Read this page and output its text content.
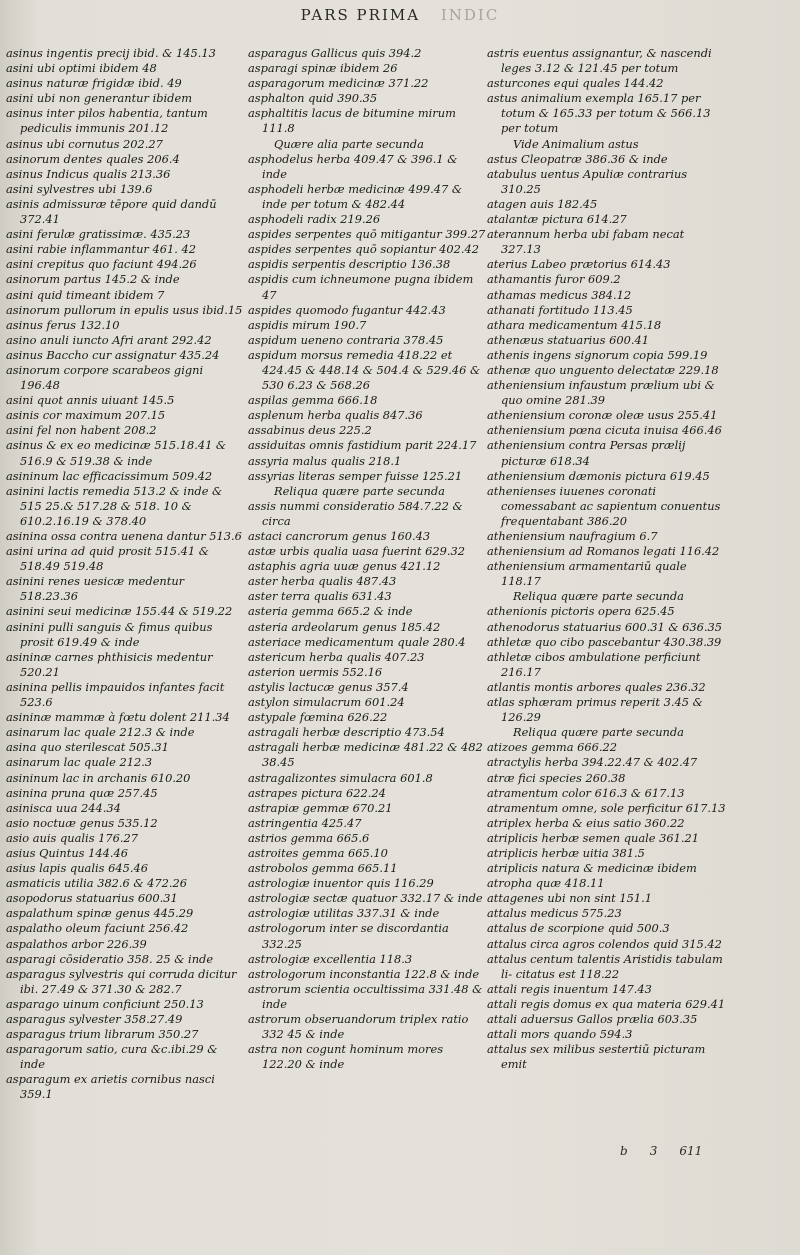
PARS PRIMA INDIC
asinus ingentis precij ibid. & 145.13
asini ubi optimi ibidem 48
asinus naturæ frigidæ ibid. 49
asini ubi non generantur ibidem
asinus inter pilos habentia, tantum pediculis immunis 201.12
asinus ubi cornutus 202.27
asinorum dentes quales 206.4
asinus Indicus qualis 213.36
asini sylvestres ubi 139.6
asinis admissuræ tēpore quid dandū 372.41
asini ferulæ gratissimæ. 435.23
asini rabie inflammantur 461. 42
asini crepitus quo faciunt 494.26
asinorum partus 145.2 & inde
asini quid timeant ibidem 7
asinorum pullorum in epulis usus ibid.15
asinus ferus 132.10
asino anuli iuncto Afri arant 292.42
asinus Baccho cur assignatur 435.24
asinorum corpore scarabeos gigni 196.48
asini quot annis uiuant 145.5
asinis cor maximum 207.15
asini fel non habent 208.2
asinus & ex eo medicinæ 515.18.41 & 516.9 & 519.38 & inde
asininum lac efficacissimum 509.42
asinini lactis remedia 513.2 & inde & 515 25.& 517.28 & 518. 10 & 610.2.16.19 & 378.40
asinina ossa contra uenena dantur 513.6
asini urina ad quid prosit 515.41 & 518.49 519.48
asinini renes uesicæ medentur 518.23.36
asinini seui medicinæ 155.44 & 519.22
asinini pulli sanguis & fimus quibus prosit 619.49 & inde
asininæ carnes phthisicis medentur 520.21
asinina pellis impauidos infantes facit 523.6
asininæ mammæ à fœtu dolent 211.34
asinarum lac quale 212.3 & inde
asina quo sterilescat 505.31
asinarum lac quale 212.3
asininum lac in archanis 610.20
asinina pruna quæ 257.45
asinisca uua 244.34
asio noctuæ genus 535.12
asio auis qualis 176.27
asius Quintus 144.46
asius lapis qualis 645.46
asmaticis utilia 382.6 & 472.26
asopodorus statuarius 600.31
aspalathum spinæ genus 445.29
aspalatho oleum faciunt 256.42
aspalathos arbor 226.39
asparagi cōsideratio 358. 25 & inde
asparagus sylvestris qui corruda dicitur ibi. 27.49 & 371.30 & 282.7
asparago uinum conficiunt 250.13
asparagus sylvester 358.27.49
asparagus trium librarum 350.27
asparagorum satio, cura &c.ibi.29 & inde
asparagum ex arietis cornibus nasci 359.1
asparagus Gallicus quis 394.2
asparagi spinæ ibidem 26
asparagorum medicinæ 371.22
asphalton quid 390.35
asphaltitis lacus de bitumine mirum 111.8
Quære alia parte secunda
asphodelus herba 409.47 & 396.1 & inde
asphodeli herbæ medicinæ 499.47 & inde per totum & 482.44
asphodeli radix 219.26
aspides serpentes quō mitigantur 399.27
aspides serpentes quō sopiantur 402.42
aspidis serpentis descriptio 136.38
aspidis cum ichneumone pugna ibidem 47
aspides quomodo fugantur 442.43
aspidis mirum 190.7
aspidum ueneno contraria 378.45
aspidum morsus remedia 418.22 et 424.45 & 448.14 & 504.4 & 529.46 & 530 6.23 & 568.26
aspilas gemma 666.18
asplenum herba qualis 847.36
assabinus deus 225.2
assiduitas omnis fastidium parit 224.17
assyria malus qualis 218.1
assyrias literas semper fuisse 125.21
Reliqua quære parte secunda
assis nummi consideratio 584.7.22 & circa
astaci cancrorum genus 160.43
astæ urbis qualia uasa fuerint 629.32
astaphis agria uuæ genus 421.12
aster herba qualis 487.43
aster terra qualis 631.43
asteria gemma 665.2 & inde
asteria ardeolarum genus 185.42
asteriace medicamentum quale 280.4
astericum herba qualis 407.23
asterion uermis 552.16
astylis lactucæ genus 357.4
astylon simulacrum 601.24
astypale fœmina 626.22
astragali herbæ descriptio 473.54
astragali herbæ medicinæ 481.22 & 482 38.45
astragalizontes simulacra 601.8
astrapes pictura 622.24
astrapiæ gemmæ 670.21
astringentia 425.47
astrios gemma 665.6
astroites gemma 665.10
astrobolos gemma 665.11
astrologiæ inuentor quis 116.29
astrologiæ sectæ quatuor 332.17 & inde
astrologiæ utilitas 337.31 & inde
astrologorum inter se discordantia 332.25
astrologiæ excellentia 118.3
astrologorum inconstantia 122.8 & inde
astrorum scientia occultissima 331.48 & inde
astrorum obseruandorum triplex ratio 332 45 & inde
astra non cogunt hominum mores 122.20 & inde
astris euentus assignantur, & nascendi leges 3.12 & 121.45 per totum
asturcones equi quales 144.42
astus animalium exempla 165.17 per totum & 165.33 per totum & 566.13 per totum
Vide Animalium astus
astus Cleopatræ 386.36 & inde
atabulus uentus Apuliæ contrarius 310.25
atagen auis 182.45
atalantæ pictura 614.27
aterannum herba ubi fabam necat 327.13
aterius Labeo prætorius 614.43
athamantis furor 609.2
athamas medicus 384.12
athanati fortitudo 113.45
athara medicamentum 415.18
athenæus statuarius 600.41
athenis ingens signorum copia 599.19
athenæ quo unguento delectatæ 229.18
atheniensium infaustum prælium ubi & quo omine 281.39
atheniensium coronæ oleæ usus 255.41
atheniensium pœna cicuta inuisa 466.46
atheniensium contra Persas prælij picturæ 618.34
atheniensium dæmonis pictura 619.45
athenienses iuuenes coronati comessabant ac sapientum conuentus frequentabant 386.20
atheniensium naufragium 6.7
atheniensium ad Romanos legati 116.42
atheniensium armamentariū quale 118.17
Reliqua quære parte secunda
athenionis pictoris opera 625.45
athenodorus statuarius 600.31 & 636.35
athletæ quo cibo pascebantur 430.38.39
athletæ cibos ambulatione perficiunt 216.17
atlantis montis arbores quales 236.32
atlas sphæram primus reperit 3.45 & 126.29
Reliqua quære parte secunda
atizoes gemma 666.22
atractylis herba 394.22.47 & 402.47
atræ fici species 260.38
atramentum color 616.3 & 617.13
atramentum omne, sole perficitur 617.13
atriplex herba & eius satio 360.22
atriplicis herbæ semen quale 361.21
atriplicis herbæ uitia 381.5
atriplicis natura & medicinæ ibidem
atropha quæ 418.11
attagenes ubi non sint 151.1
attalus medicus 575.23
attalus de scorpione quid 500.3
attalus circa agros colendos quid 315.42
attalus centum talentis Aristidis tabulam li- citatus est 118.22
attali regis inuentum 147.43
attali regis domus ex qua materia 629.41
attali aduersus Gallos prælia 603.35
attali mors quando 594.3
attalus sex milibus sestertiū picturam emit
b 3 611
